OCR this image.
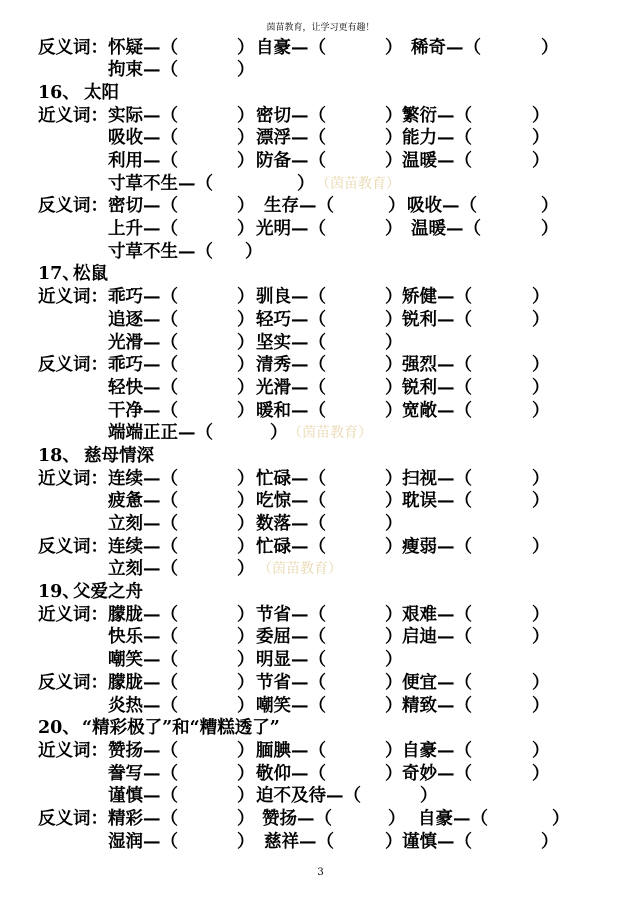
茵苗教育，让学习更有趣！
反义词： 怀疑—（	） 自豪—（	） 稀奇—（	）
拘束—（	）
16、 太阳
近义词： 实际—（	） 密切—（	） 繁衍—（	）
吸收—（	） 漂浮—（	） 能力—（	）
利用—（	） 防备—（	） 温暖—（	）
寸草不生—（	） （茵苗教育）
反义词： 密切—（	） 生存—（	） 吸收—（	）
上升—（	） 光明—（	） 温暖—（	）
寸草不生—（ ）
17、
松鼠
近义词： 乖巧—（	） 驯良—（	） 矫健—（	）
追逐—（	） 轻巧—（	） 锐利—（	）
光滑—（	） 坚实—（	）
反义词： 乖巧—（	） 清秀—（	） 强烈—（	）
轻快—（	） 光滑—（	） 锐利—（	）
干净—（	） 暖和—（	） 宽敞—（	）
端端正正—（	） （茵苗教育）
18、 慈母情深
近义词： 连续—（	） 忙碌—（	） 扫视—（	）
疲惫—（	） 吃惊—（	） 耽误—（	）
立刻—（	） 数落—（	）
反义词： 连续—（	） 忙碌—（	） 瘦弱—（	）
立刻—（	） （茵苗教育）
19、
父爱之舟
近义词： 朦胧—（	） 节省—（	） 艰难—（	）
快乐—（	） 委屈—（	） 启迪—（	）
嘲笑—（	） 明显—（	）
反义词： 朦胧—（	） 节省—（	） 便宜—（	）
炎热—（	） 嘲笑—（	） 精致—（	）
20、 “精彩极了”和“糟糕透了”
近义词： 赞扬—（	） 腼腆—（	） 自豪—（	）
誊写—（	） 敬仰—（	） 奇妙—（	）
谨慎—（	） 迫不及待—（	）
反义词： 精彩—（	） 赞扬—（	） 自豪—（	）
湿润—（	） 慈祥—（	） 谨慎—（	）
3
